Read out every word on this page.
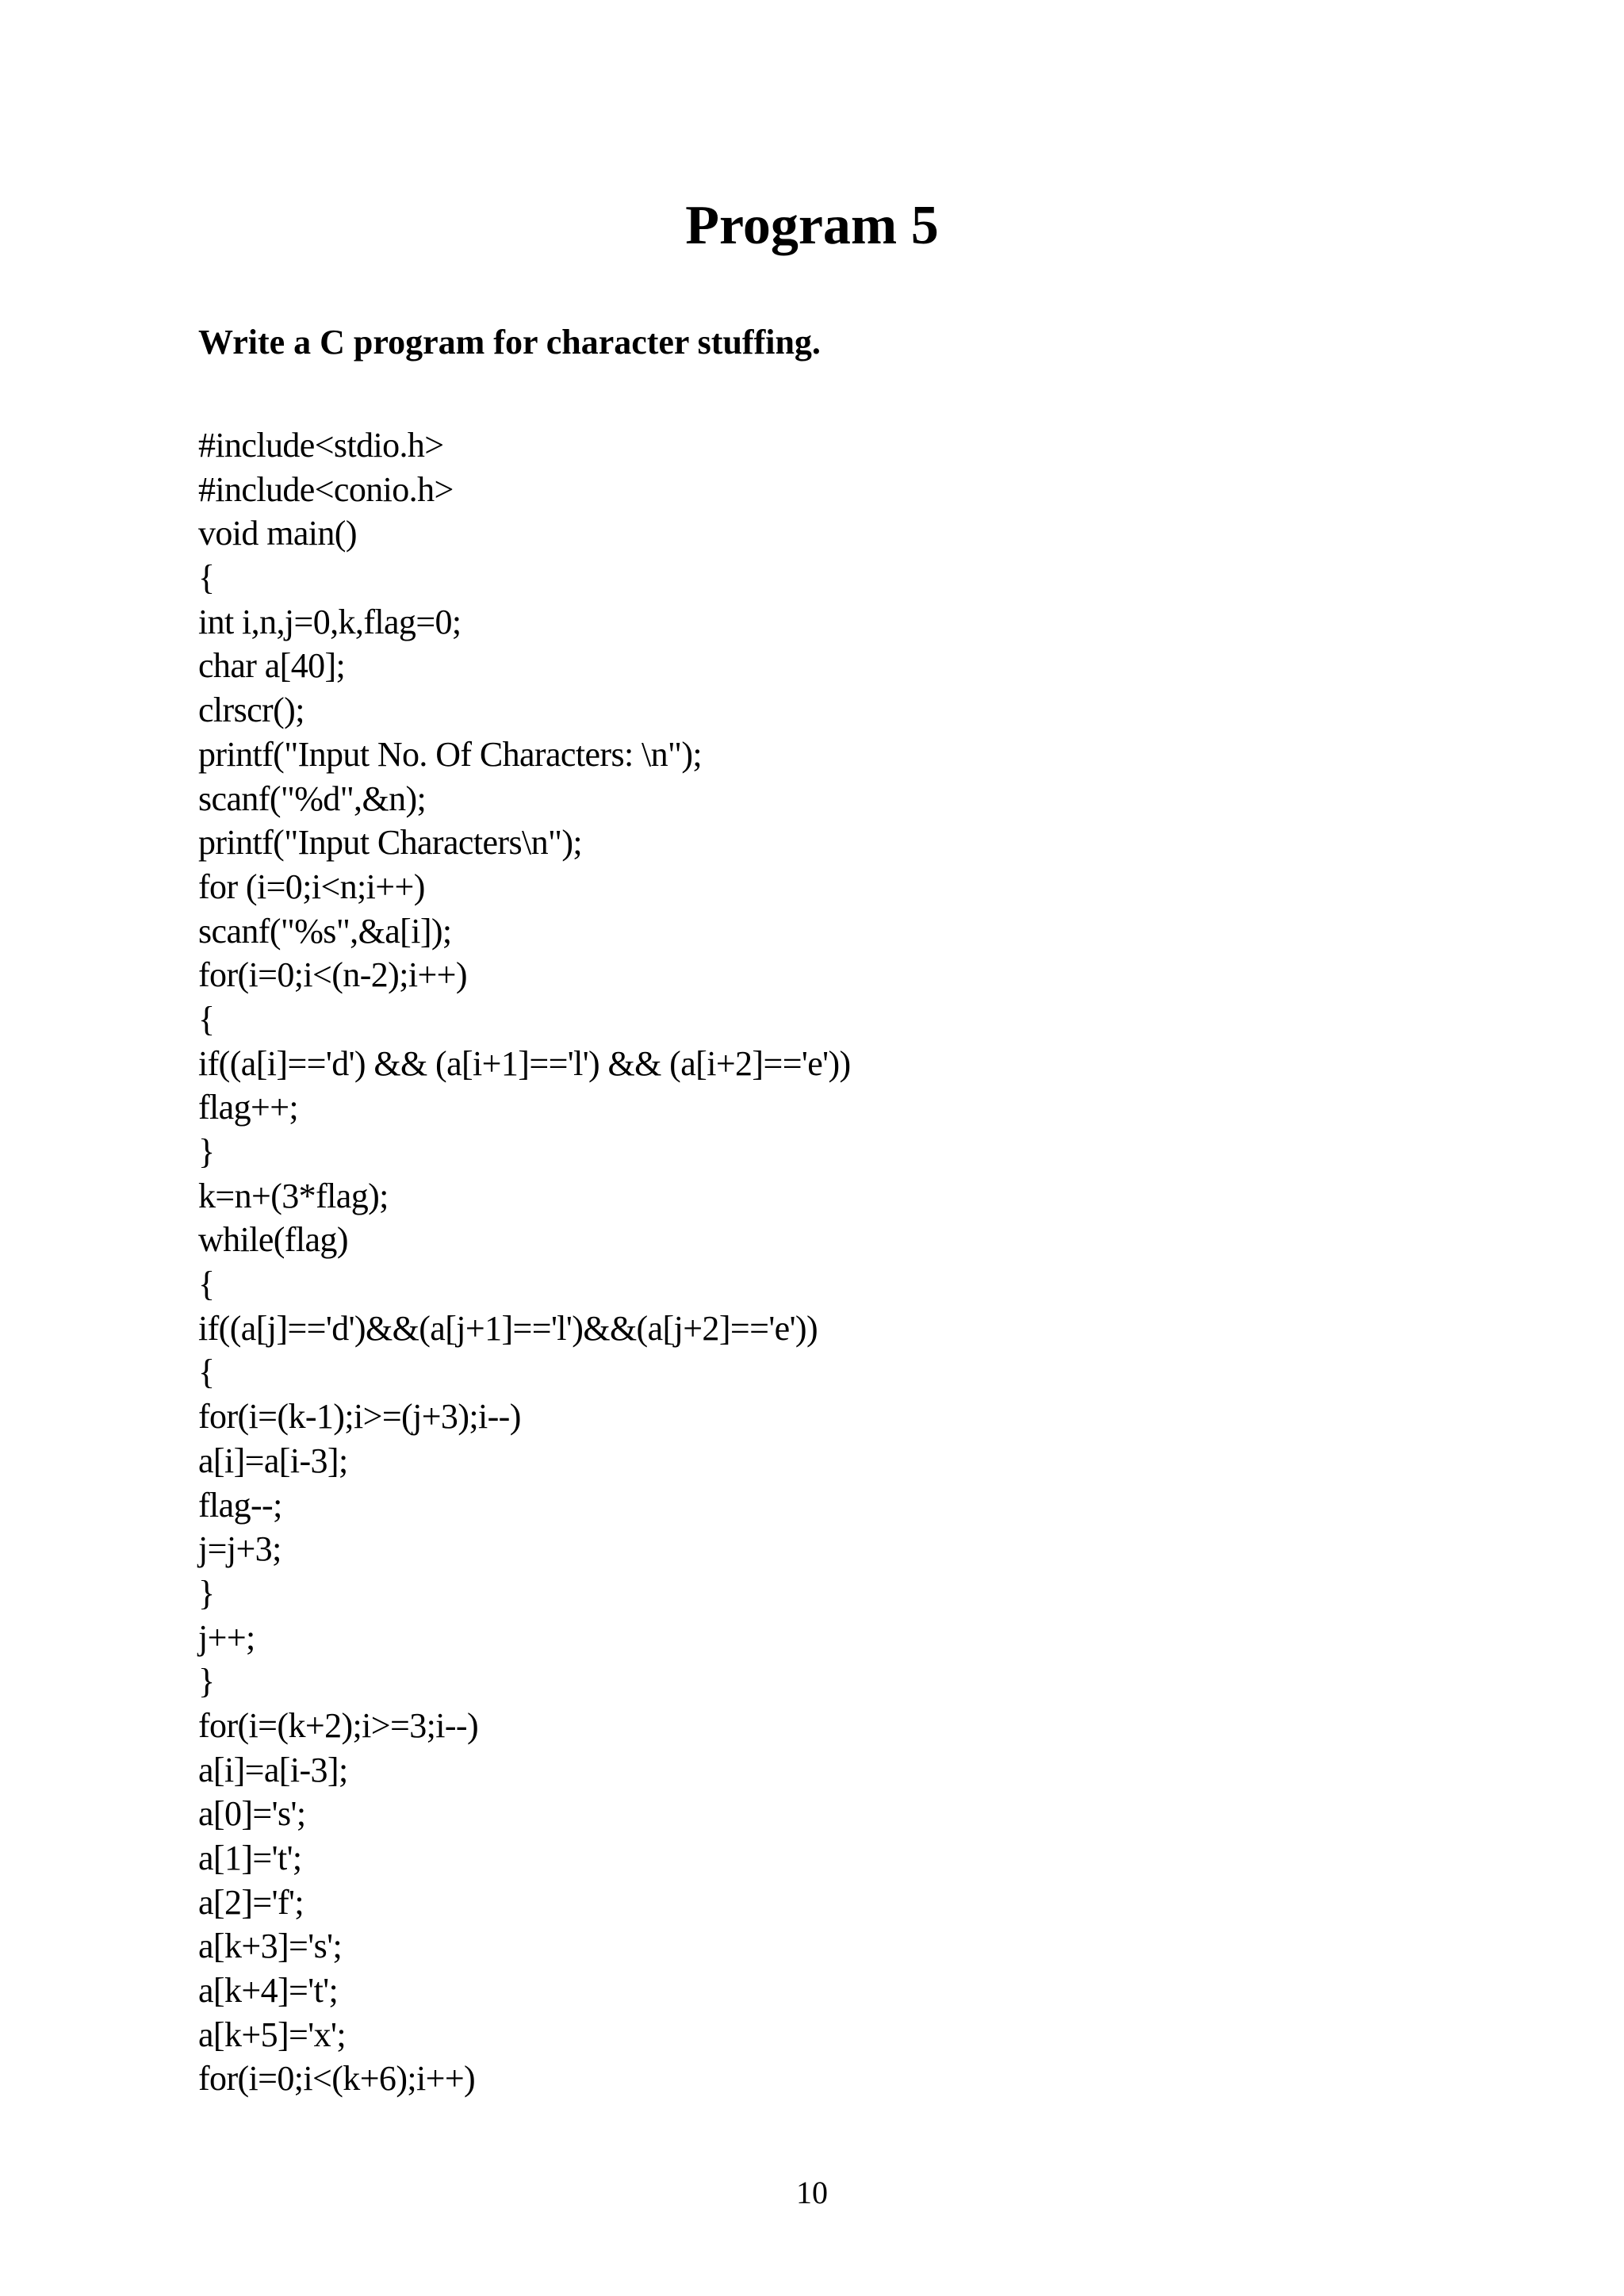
Program 5

Write a C program for character stuffing.

#include<stdio.h>
#include<conio.h>
void main()
{
int i,n,j=0,k,flag=0;
char a[40];
clrscr();
printf("Input No. Of Characters: \n");
scanf("%d",&n);
printf("Input Characters\n");
for (i=0;i<n;i++)
scanf("%s",&a[i]);
for(i=0;i<(n-2);i++)
{
if((a[i]=='d') && (a[i+1]=='l') && (a[i+2]=='e'))
flag++;
}
k=n+(3*flag);
while(flag)
{
if((a[j]=='d')&&(a[j+1]=='l')&&(a[j+2]=='e'))
{
for(i=(k-1);i>=(j+3);i--)
a[i]=a[i-3];
flag--;
j=j+3;
}
j++;
}
for(i=(k+2);i>=3;i--)
a[i]=a[i-3];
a[0]='s';
a[1]='t';
a[2]='f';
a[k+3]='s';
a[k+4]='t';
a[k+5]='x';
for(i=0;i<(k+6);i++)
10
